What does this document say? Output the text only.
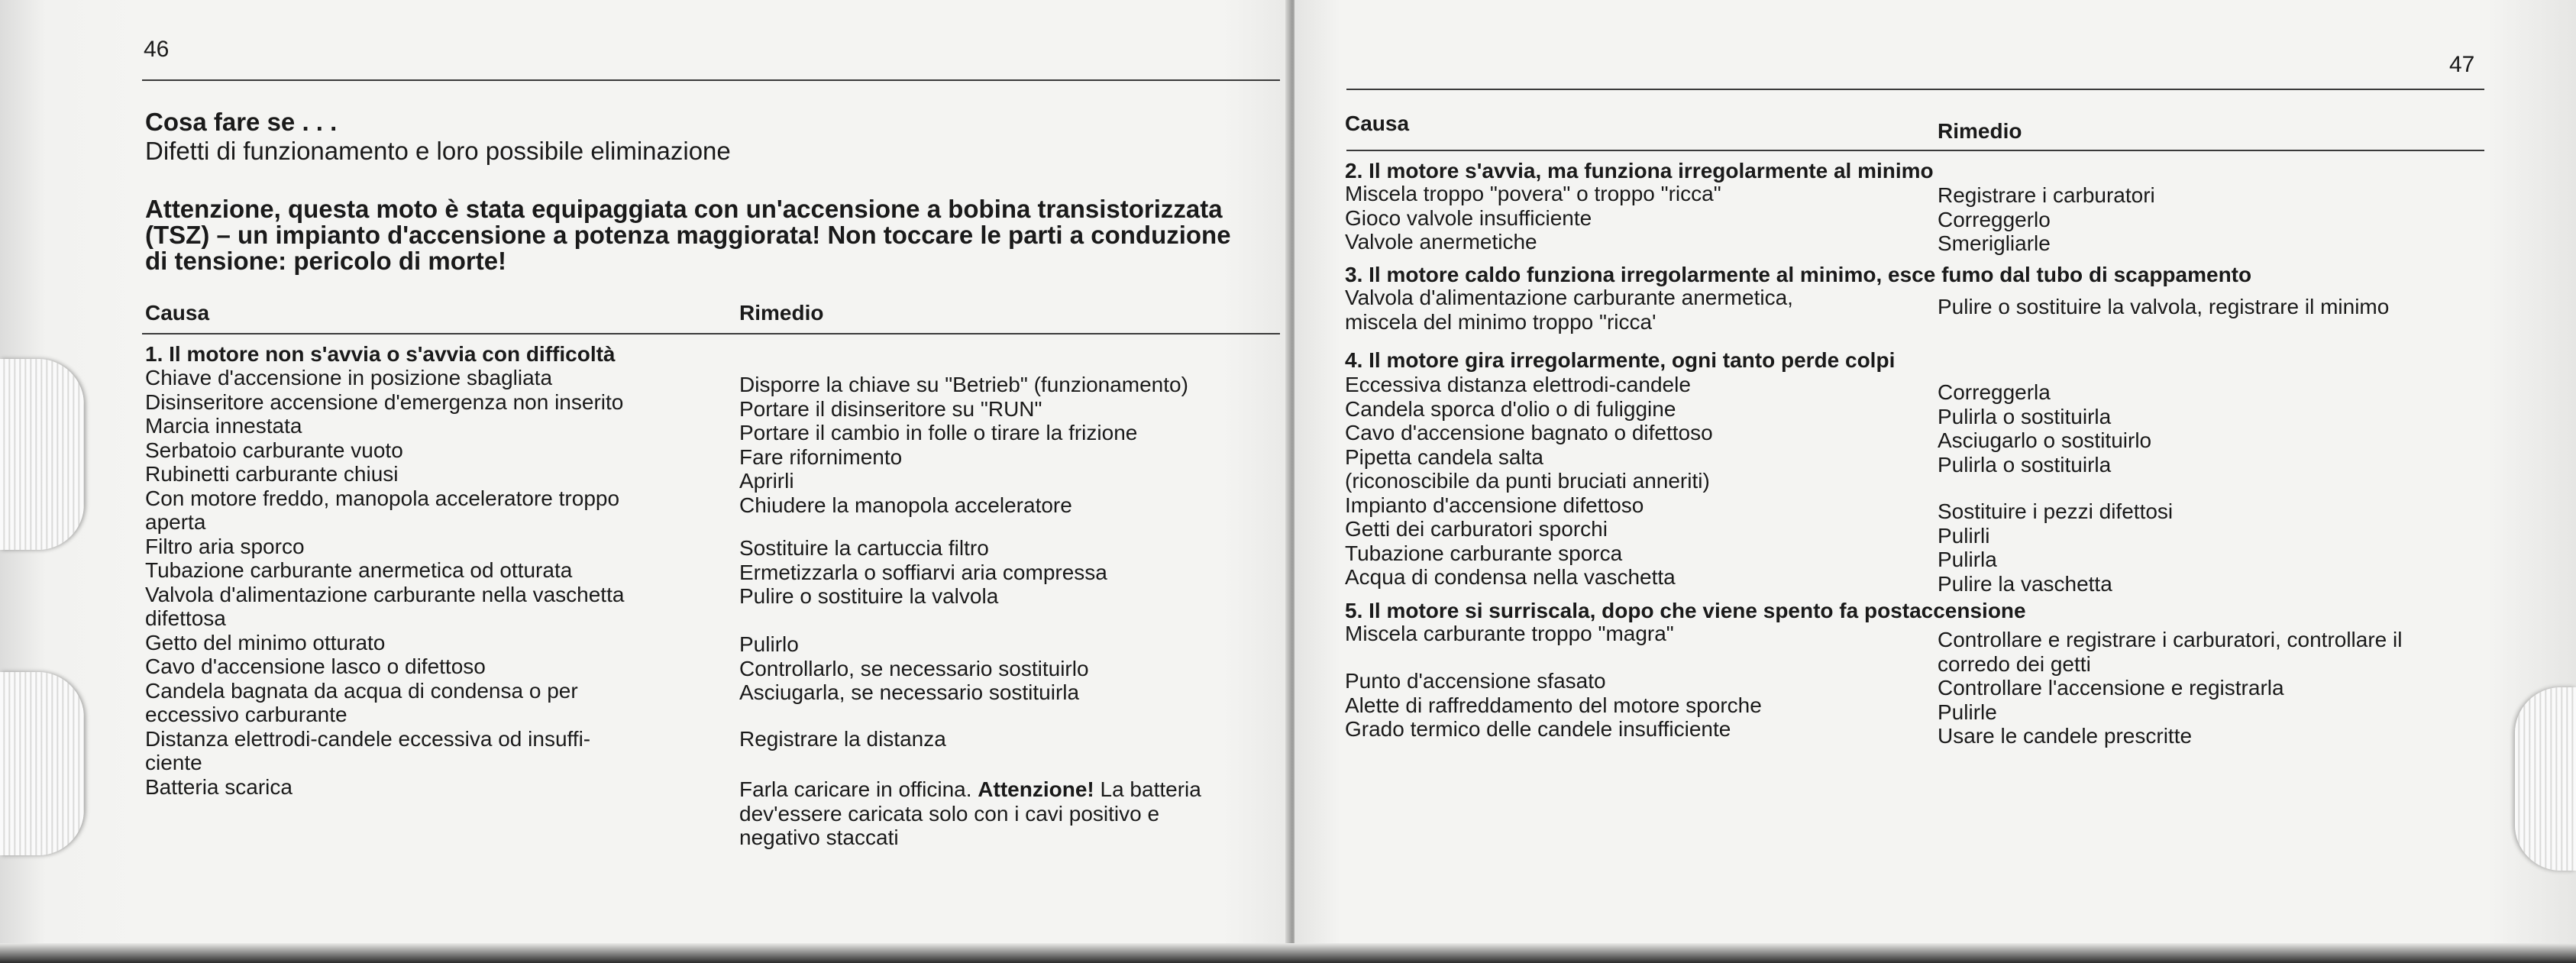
46
Cosa fare se . . .
Difetti di funzionamento e loro possibile eliminazione
Attenzione, questa moto è stata equipaggiata con un'accensione a bobina transistorizzata
(TSZ) – un impianto d'accensione a potenza maggiorata! Non toccare le parti a conduzione
di tensione: pericolo di morte!
Causa	Rimedio
1. Il motore non s'avvia o s'avvia con difficoltà
Chiave d'accensione in posizione sbagliata
Disinseritore accensione d'emergenza non inserito
Marcia innestata
Serbatoio carburante vuoto
Rubinetti carburante chiusi
Con motore freddo, manopola acceleratore troppo
aperta
Filtro aria sporco
Tubazione carburante anermetica od otturata
Valvola d'alimentazione carburante nella vaschetta
difettosa
Getto del minimo otturato
Cavo d'accensione lasco o difettoso
Candela bagnata da acqua di condensa o per
eccessivo carburante
Distanza elettrodi-candele eccessiva od insuffi-
ciente
Batteria scarica
Disporre la chiave su "Betrieb" (funzionamento)
Portare il disinseritore su "RUN"
Portare il cambio in folle o tirare la frizione
Fare rifornimento
Aprirli
Chiudere la manopola acceleratore
Sostituire la cartuccia filtro
Ermetizzarla o soffiarvi aria compressa
Pulire o sostituire la valvola
Pulirlo
Controllarlo, se necessario sostituirlo
Asciugarla, se necessario sostituirla
Registrare la distanza
Farla caricare in officina. Attenzione! La batteria
dev'essere caricata solo con i cavi positivo e
negativo staccati
47
Causa	Rimedio
2. Il motore s'avvia, ma funziona irregolarmente al minimo
Miscela troppo "povera" o troppo "ricca"
Gioco valvole insufficiente
Valvole anermetiche
Registrare i carburatori
Correggerlo
Smerigliarle
3. Il motore caldo funziona irregolarmente al minimo, esce fumo dal tubo di scappamento
Valvola d'alimentazione carburante anermetica,
miscela del minimo troppo "ricca'
Pulire o sostituire la valvola, registrare il minimo
4. Il motore gira irregolarmente, ogni tanto perde colpi
Eccessiva distanza elettrodi-candele
Candela sporca d'olio o di fuliggine
Cavo d'accensione bagnato o difettoso
Pipetta candela salta
(riconoscibile da punti bruciati anneriti)
Impianto d'accensione difettoso
Getti dei carburatori sporchi
Tubazione carburante sporca
Acqua di condensa nella vaschetta
Correggerla
Pulirla o sostituirla
Asciugarlo o sostituirlo
Pulirla o sostituirla
Sostituire i pezzi difettosi
Pulirli
Pulirla
Pulire la vaschetta
5. Il motore si surriscala, dopo che viene spento fa postaccensione
Miscela carburante troppo "magra"
Punto d'accensione sfasato
Alette di raffreddamento del motore sporche
Grado termico delle candele insufficiente
Controllare e registrare i carburatori, controllare il
corredo dei getti
Controllare l'accensione e registrarla
Pulirle
Usare le candele prescritte
